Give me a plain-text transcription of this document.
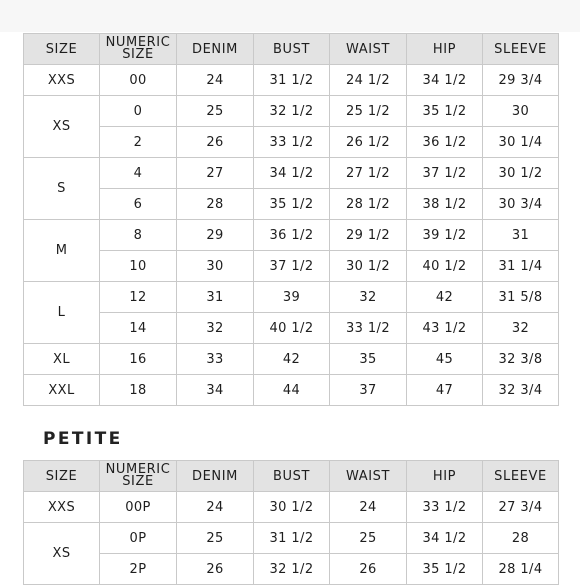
SIZE	NUMERIC SIZE	DENIM	BUST	WAIST	HIP	SLEEVE
XXS	00	24	31 1/2	24 1/2	34 1/2	29 3/4
XS	0	25	32 1/2	25 1/2	35 1/2	30
	2	26	33 1/2	26 1/2	36 1/2	30 1/4
S	4	27	34 1/2	27 1/2	37 1/2	30 1/2
	6	28	35 1/2	28 1/2	38 1/2	30 3/4
M	8	29	36 1/2	29 1/2	39 1/2	31
	10	30	37 1/2	30 1/2	40 1/2	31 1/4
L	12	31	39	32	42	31 5/8
	14	32	40 1/2	33 1/2	43 1/2	32
XL	16	33	42	35	45	32 3/8
XXL	18	34	44	37	47	32 3/4
PETITE
SIZE	NUMERIC SIZE	DENIM	BUST	WAIST	HIP	SLEEVE
XXS	00P	24	30 1/2	24	33 1/2	27 3/4
XS	0P	25	31 1/2	25	34 1/2	28
	2P	26	32 1/2	26	35 1/2	28 1/4
